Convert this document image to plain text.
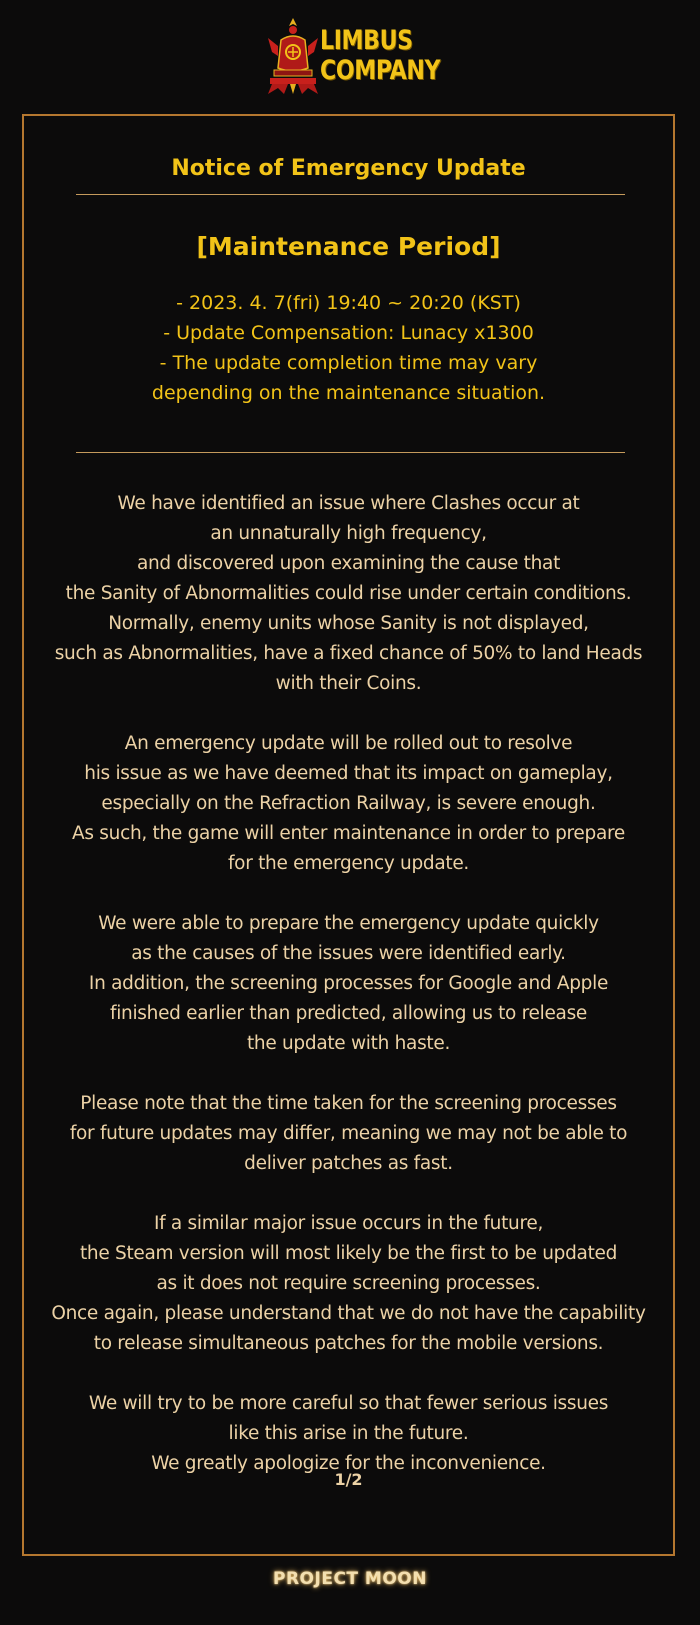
LIMBUS
COMPANY
Notice of Emergency Update
[Maintenance Period]
- 2023. 4. 7(fri) 19:40 ~ 20:20 (KST)
- Update Compensation: Lunacy x1300
- The update completion time may vary
depending on the maintenance situation.
We have identified an issue where Clashes occur at
an unnaturally high frequency,
and discovered upon examining the cause that
the Sanity of Abnormalities could rise under certain conditions.
Normally, enemy units whose Sanity is not displayed,
such as Abnormalities, have a fixed chance of 50% to land Heads
with their Coins.
An emergency update will be rolled out to resolve
his issue as we have deemed that its impact on gameplay,
especially on the Refraction Railway, is severe enough.
As such, the game will enter maintenance in order to prepare
for the emergency update.
We were able to prepare the emergency update quickly
as the causes of the issues were identified early.
In addition, the screening processes for Google and Apple
finished earlier than predicted, allowing us to release
the update with haste.
Please note that the time taken for the screening processes
for future updates may differ, meaning we may not be able to
deliver patches as fast.
If a similar major issue occurs in the future,
the Steam version will most likely be the first to be updated
as it does not require screening processes.
Once again, please understand that we do not have the capability
to release simultaneous patches for the mobile versions.
We will try to be more careful so that fewer serious issues
like this arise in the future.
We greatly apologize for the inconvenience.
1/2
PROJECT MOON
